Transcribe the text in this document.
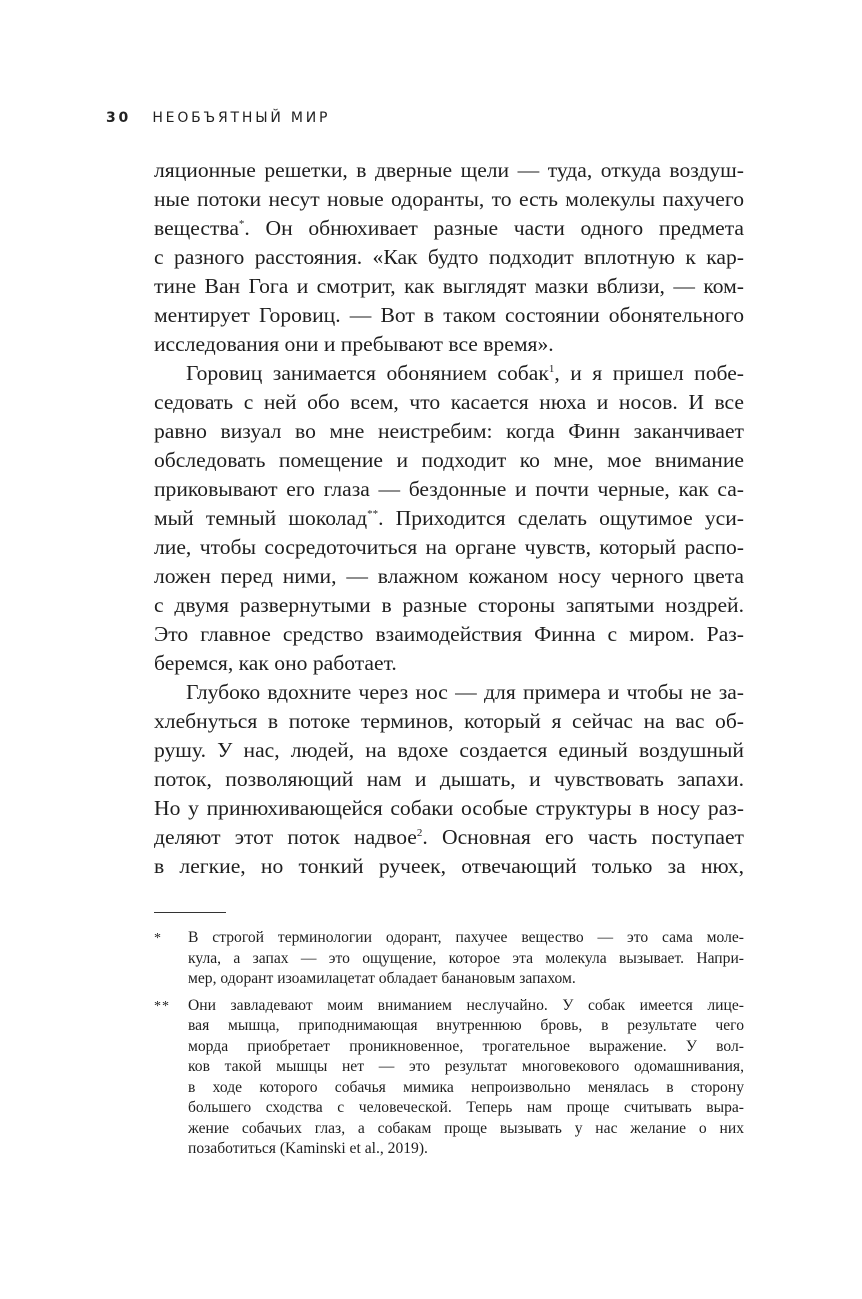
30 НЕОБЪЯТНЫЙ МИР
ляционные решетки, в дверные щели — туда, откуда воздуш-
ные потоки несут новые одоранты, то есть молекулы пахучего
вещества*. Он обнюхивает разные части одного предмета
с разного расстояния. «Как будто подходит вплотную к кар-
тине Ван Гога и смотрит, как выглядят мазки вблизи, — ком-
ментирует Горовиц. — Вот в таком состоянии обонятельного
исследования они и пребывают все время».
Горовиц занимается обонянием собак$^1$, и я пришел побе-
седовать с ней обо всем, что касается нюха и носов. И все
равно визуал во мне неистребим: когда Финн заканчивает
обследовать помещение и подходит ко мне, мое внимание
приковывают его глаза — бездонные и почти черные, как са-
мый темный шоколад**. Приходится сделать ощутимое уси-
лие, чтобы сосредоточиться на органе чувств, который распо-
ложен перед ними, — влажном кожаном носу черного цвета
с двумя развернутыми в разные стороны запятыми ноздрей.
Это главное средство взаимодействия Финна с миром. Раз-
беремся, как оно работает.
Глубоко вдохните через нос — для примера и чтобы не за-
хлебнуться в потоке терминов, который я сейчас на вас об-
рушу. У нас, людей, на вдохе создается единый воздушный
поток, позволяющий нам и дышать, и чувствовать запахи.
Но у принюхивающейся собаки особые структуры в носу раз-
деляют этот поток надвое$^2$. Основная его часть поступает
в легкие, но тонкий ручеек, отвечающий только за нюх,
*	В строгой терминологии одорант, пахучее вещество — это сама моле-
кула, а запах — это ощущение, которое эта молекула вызывает. Напри-
мер, одорант изоамилацетат обладает банановым запахом.
**	Они завладевают моим вниманием неслучайно. У собак имеется лице-
вая мышца, приподнимающая внутреннюю бровь, в результате чего
морда приобретает проникновенное, трогательное выражение. У вол-
ков такой мышцы нет — это результат многовекового одомашнивания,
в ходе которого собачья мимика непроизвольно менялась в сторону
большего сходства с человеческой. Теперь нам проще считывать выра-
жение собачьих глаз, а собакам проще вызывать у нас желание о них
позаботиться (Kaminski et al., 2019).
